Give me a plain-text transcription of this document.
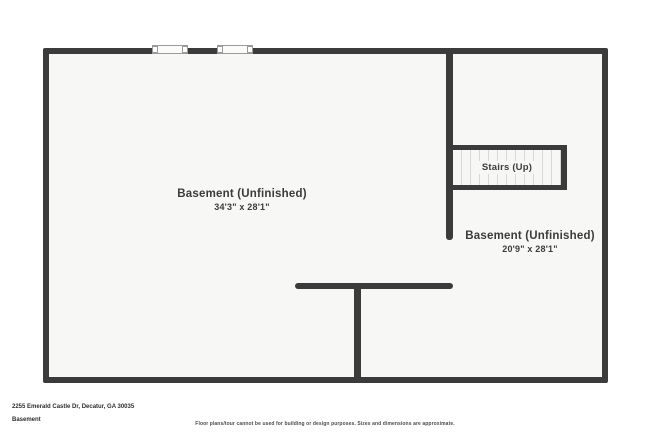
Stairs (Up)
Basement (Unfinished)
34'3" x 28'1"
Basement (Unfinished)
20'9" x 28'1"
2255 Emerald Castle Dr, Decatur, GA 30035
Basement
Floor plans/tour cannot be used for building or design purposes. Sizes and dimensions are approximate.
